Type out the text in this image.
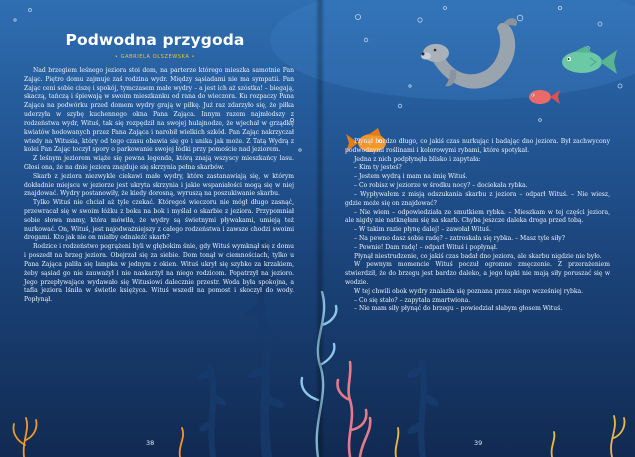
Podwodna przygoda
• GABRIELA OLSZEWSKA •

Nad brzegiem leśnego jeziora stoi dom, na parterze którego mieszka samotnie Pan Zając. Piętro domu zajmuje zaś rodzina wydr. Między sąsiadami nie ma sympatii. Pan Zając ceni sobie ciszę i spokój, tymczasem małe wydry – a jest ich aż szóstka! – biegają, skaczą, tańczą i śpiewają w swoim mieszkanku od rana do wieczora. Ku rozpaczy Pana Zająca na podwórku przed domem wydry grają w piłkę. Już raz zdarzyło się, że piłka uderzyła w szybę kuchennego okna Pana Zająca. Innym razem najmłodszy z rodzeństwa wydr, Wituś, tak się rozpędził na swojej hulajnodze, że wjechał w grządkę kwiatów hodowanych przez Pana Zająca i narobił wielkich szkód. Pan Zając nakrzyczał wtedy na Witusia, który od tego czasu obawia się go i unika jak może. Z Tatą Wydrą z kolei Pan Zając toczył spory o parkowanie swojej łódki przy pomoście nad jeziorem.

Z leśnym jeziorem wiąże się pewna legenda, którą znają wszyscy mieszkańcy lasu. Głosi ona, że na dnie jeziora znajduje się skrzynia pełna skarbów.

Skarb z jeziora niezwykle ciekawi małe wydry, które zastanawiają się, w którym dokładnie miejscu w jeziorze jest ukryta skrzynia i jakie wspaniałości mogą się w niej znajdować. Wydry postanowiły, że kiedy dorosną, wyruszą na poszukiwanie skarbu.

Tylko Wituś nie chciał aż tyle czekać. Któregoś wieczoru nie mógł długo zasnąć, przewracał się w swoim łóżku z boku na bok i myślał o skarbie z jeziora. Przypomniał sobie słowa mamy, która mówiła, że wydry są świetnymi pływakami, umieją też nurkować. On, Wituś, jest najodważniejszy z całego rodzeństwa i zawsze chodzi swoimi drogami. Kto jak nie on miałby odnaleźć skarb?

Rodzice i rodzeństwo pogrążeni byli w głębokim śnie, gdy Wituś wymknął się z domu i poszedł na brzeg jeziora. Obejrzał się za siebie. Dom tonął w ciemnościach, tylko u Pana Zająca paliła się lampka w jednym z okien. Wituś ukrył się szybko za krzakiem, żeby sąsiad go nie zauważył i nie naskarżył na niego rodzicom. Popatrzył na jezioro. Jego przepływające wydawało się Witusiowi dalecznie przestr. Woda była spokojna, a tafla jeziora lśniła w świetle księżyca. Wituś wszedł na pomost i skoczył do wody. Popłynął.

Płynął bardzo długo, co jakiś czas nurkując i badając dno jeziora. Był zachwycony podwodnymi roślinami i kolorowymi rybami, które spotykał.

Jedna z nich podpłynęła blisko i zapytała:

– Kim ty jesteś?

– Jestem wydrą i mam na imię Wituś.

– Co robisz w jeziorze w środku nocy? – dociekała rybka.

– Wypływałem z misją odszukania skarbu z jeziora – odparł Wituś. – Nie wiesz, gdzie może się on znajdować?

– Nie wiem – odpowiedziała ze smutkiem rybka. – Mieszkam w tej części jeziora, ale nigdy nie natknęłam się na skarb. Chyba jeszcze daleka droga przed tobą.

– W takim razie płynę dalej! – zawołał Wituś.

– Na pewno dasz sobie radę? – zatroskała się rybka. – Masz tyle siły?

– Pewnie! Dam radę! – odparł Wituś i popłynął.

Płynął niestrudzenie, co jakiś czas badał dno jeziora, ale skarbu nigdzie nie było.

W pewnym momencie Wituś poczuł ogromne zmęczenie. Z przerażeniem stwierdził, że do brzegu jest bardzo daleko, a jego łapki nie mają siły poruszać się w wodzie.

W tej chwili obok wydry znalazła się poznana przez niego wcześniej rybka.

– Co się stało? – zapytała zmartwiona.

– Nie mam siły płynąć do brzegu – powiedział słabym głosem Wituś.

38	39
